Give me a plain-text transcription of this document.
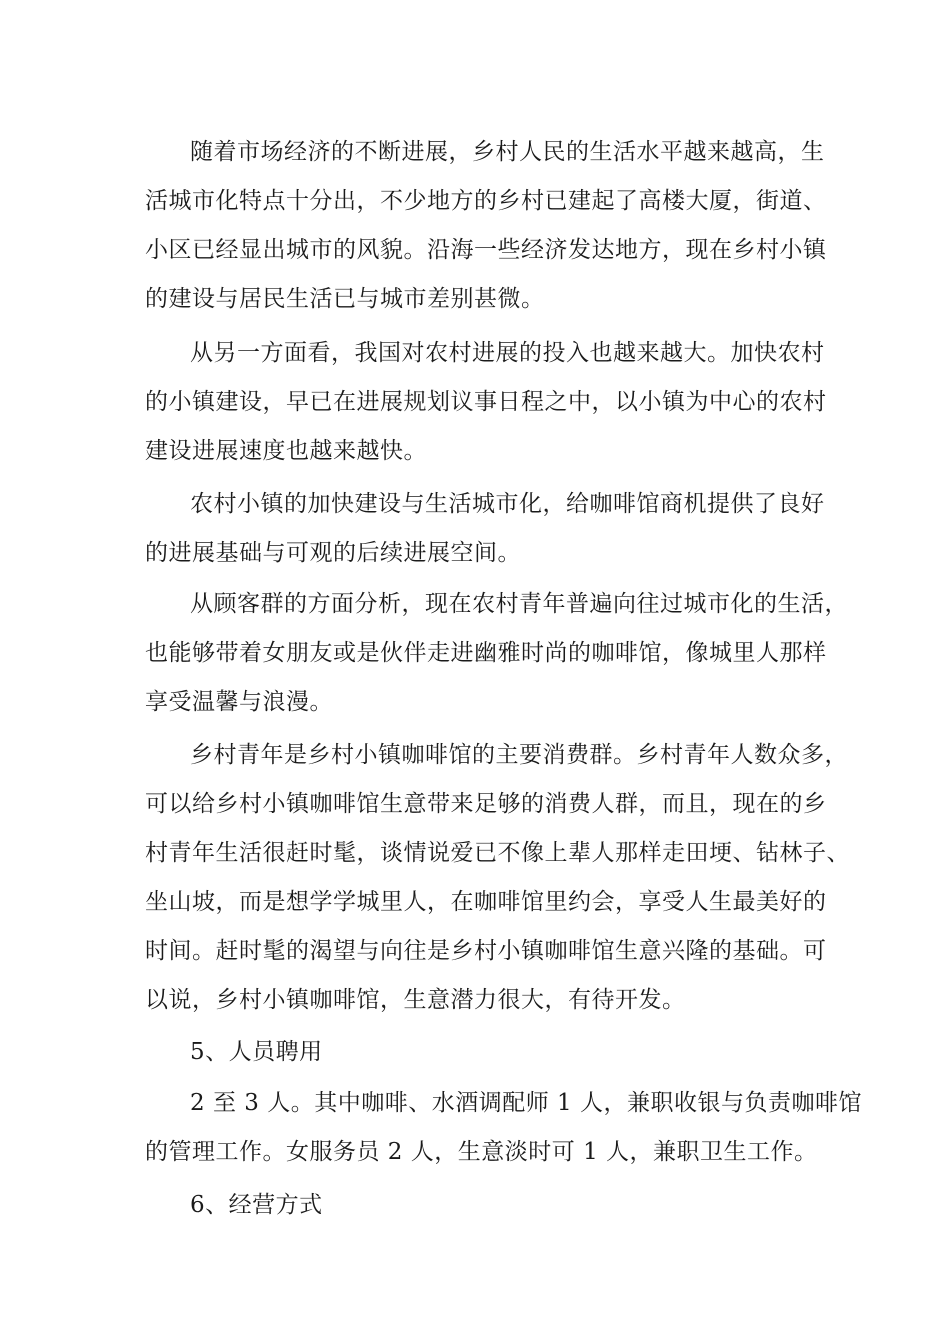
随着市场经济的不断进展，乡村人民的生活水平越来越高，生
活城市化特点十分出，不少地方的乡村已建起了高楼大厦，街道、
小区已经显出城市的风貌。沿海一些经济发达地方，现在乡村小镇
的建设与居民生活已与城市差别甚微。
从另一方面看，我国对农村进展的投入也越来越大。加快农村
的小镇建设，早已在进展规划议事日程之中，以小镇为中心的农村
建设进展速度也越来越快。
农村小镇的加快建设与生活城市化，给咖啡馆商机提供了良好
的进展基础与可观的后续进展空间。
从顾客群的方面分析，现在农村青年普遍向往过城市化的生活，
也能够带着女朋友或是伙伴走进幽雅时尚的咖啡馆，像城里人那样
享受温馨与浪漫。
乡村青年是乡村小镇咖啡馆的主要消费群。乡村青年人数众多，
可以给乡村小镇咖啡馆生意带来足够的消费人群，而且，现在的乡
村青年生活很赶时髦，谈情说爱已不像上辈人那样走田埂、钻林子、
坐山坡，而是想学学城里人，在咖啡馆里约会，享受人生最美好的
时间。赶时髦的渴望与向往是乡村小镇咖啡馆生意兴隆的基础。可
以说，乡村小镇咖啡馆，生意潜力很大，有待开发。
5、人员聘用
2 至 3 人。其中咖啡、水酒调配师 1 人，兼职收银与负责咖啡馆
的管理工作。女服务员 2 人，生意淡时可 1 人，兼职卫生工作。
6、经营方式
